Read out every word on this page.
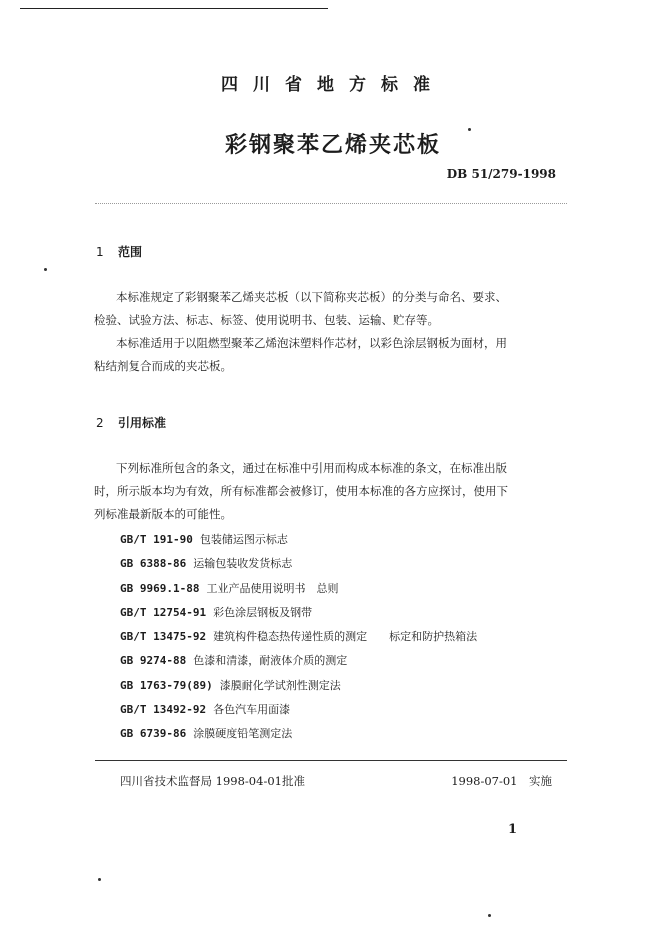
四川省地方标准
彩钢聚苯乙烯夹芯板
DB 51/279-1998
1 范围

本标准规定了彩钢聚苯乙烯夹芯板（以下简称夹芯板）的分类与命名、要求、

检验、试验方法、标志、标签、使用说明书、包装、运输、贮存等。

本标准适用于以阻燃型聚苯乙烯泡沫塑料作芯材，以彩色涂层钢板为面材，用

粘结剂复合而成的夹芯板。

2 引用标准

下列标准所包含的条文，通过在标准中引用而构成本标准的条文，在标准出版

时，所示版本均为有效，所有标准都会被修订，使用本标准的各方应探讨，使用下

列标准最新版本的可能性。

GB/T 191-90 包装储运图示标志
GB 6388-86 运输包装收发货标志
GB 9969.1-88 工业产品使用说明书　总则
GB/T 12754-91 彩色涂层钢板及钢带
GB/T 13475-92 建筑构件稳态热传递性质的测定　　标定和防护热箱法
GB 9274-88 色漆和清漆，耐液体介质的测定
GB 1763-79(89) 漆膜耐化学试剂性测定法
GB/T 13492-92 各色汽车用面漆
GB 6739-86 涂膜硬度铅笔测定法
四川省技术监督局 1998-04-01批准	1998-07-01　实施
1
